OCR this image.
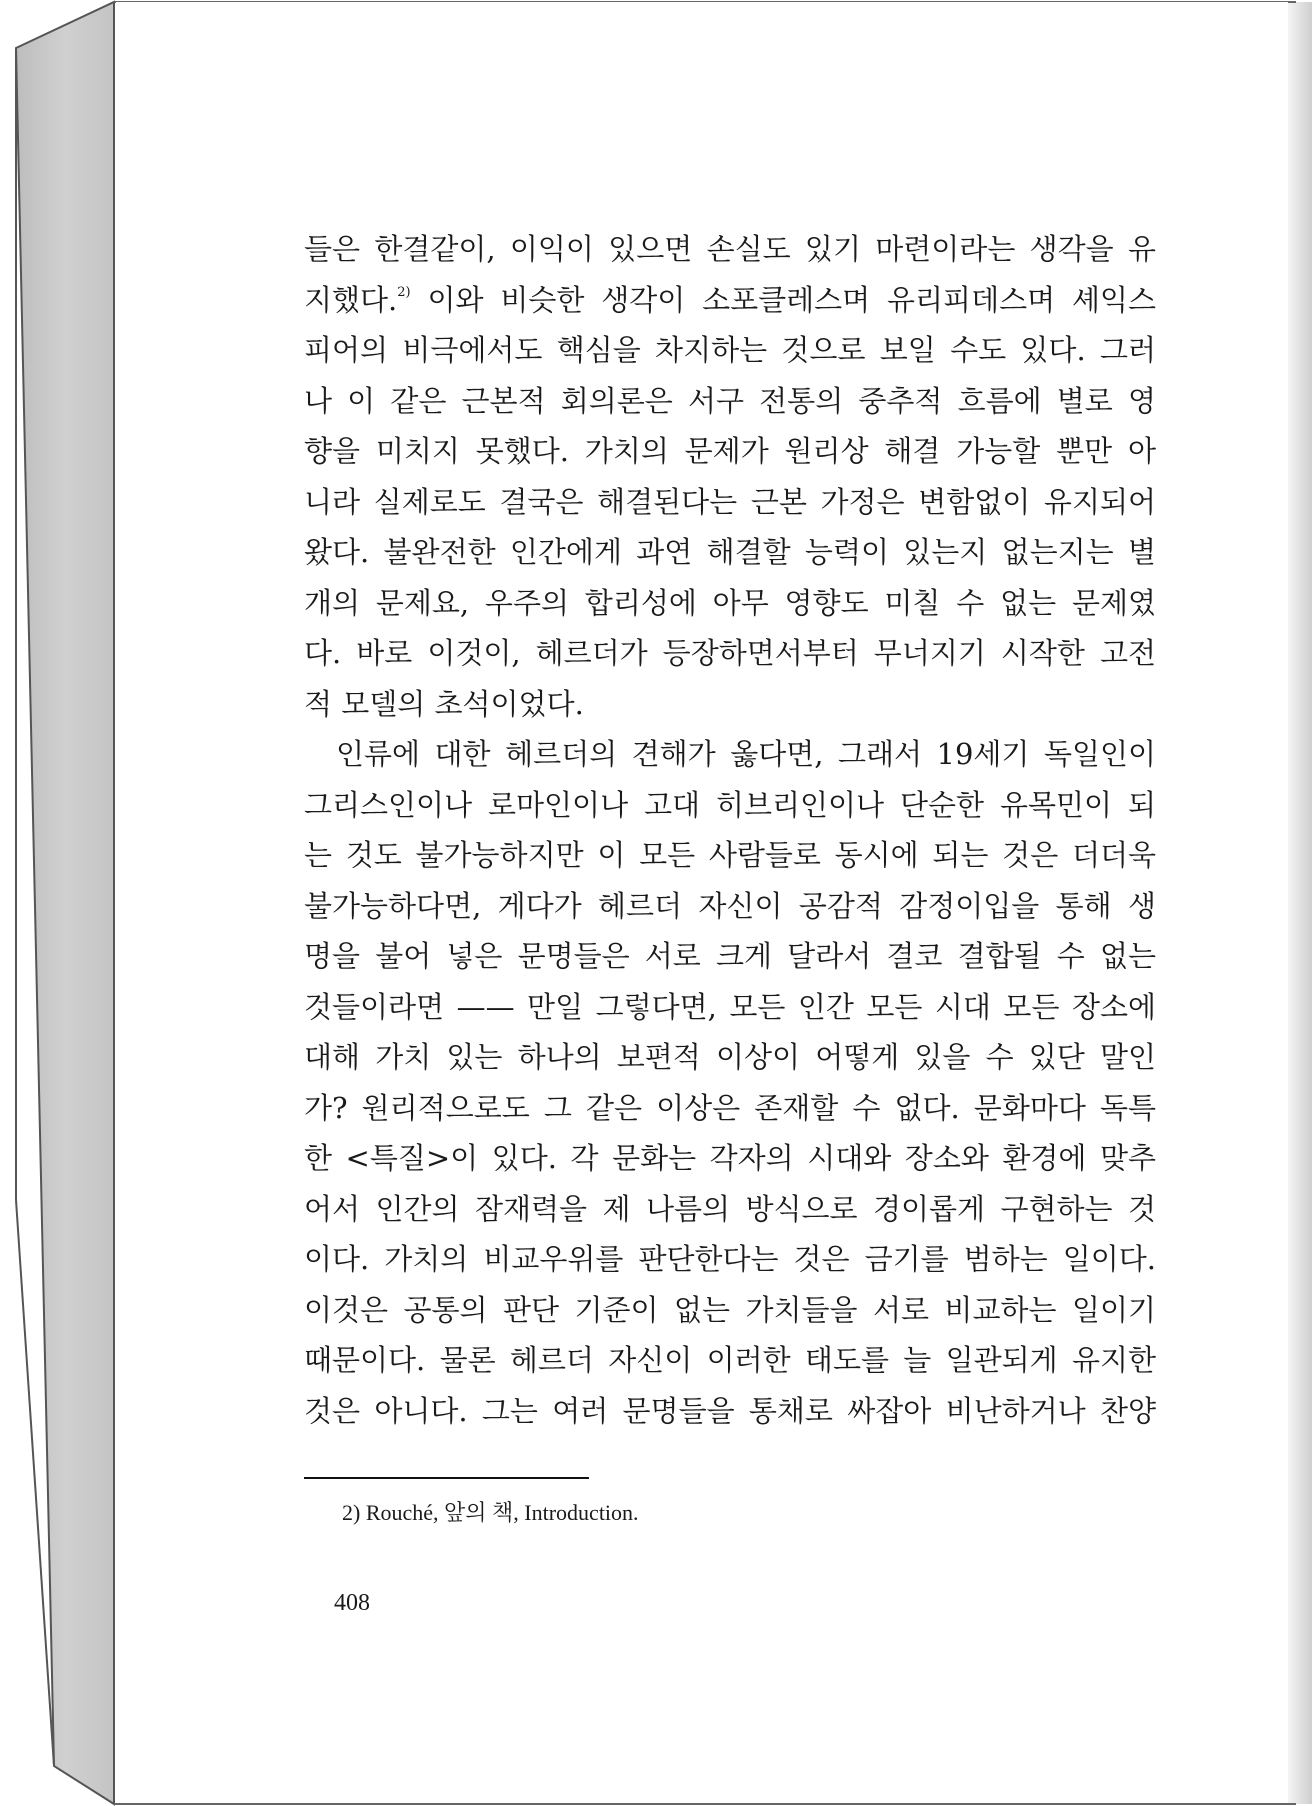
들은 한결같이, 이익이 있으면 손실도 있기 마련이라는 생각을 유
지했다.$^{2)}$ 이와 비슷한 생각이 소포클레스며 유리피데스며 셰익스
피어의 비극에서도 핵심을 차지하는 것으로 보일 수도 있다. 그러
나 이 같은 근본적 회의론은 서구 전통의 중추적 흐름에 별로 영
향을 미치지 못했다. 가치의 문제가 원리상 해결 가능할 뿐만 아
니라 실제로도 결국은 해결된다는 근본 가정은 변함없이 유지되어
왔다. 불완전한 인간에게 과연 해결할 능력이 있는지 없는지는 별
개의 문제요, 우주의 합리성에 아무 영향도 미칠 수 없는 문제였
다. 바로 이것이, 헤르더가 등장하면서부터 무너지기 시작한 고전
적 모델의 초석이었다.
인류에 대한 헤르더의 견해가 옳다면, 그래서 19세기 독일인이
그리스인이나 로마인이나 고대 히브리인이나 단순한 유목민이 되
는 것도 불가능하지만 이 모든 사람들로 동시에 되는 것은 더더욱
불가능하다면, 게다가 헤르더 자신이 공감적 감정이입을 통해 생
명을 불어 넣은 문명들은 서로 크게 달라서 결코 결합될 수 없는
것들이라면 —— 만일 그렇다면, 모든 인간 모든 시대 모든 장소에
대해 가치 있는 하나의 보편적 이상이 어떻게 있을 수 있단 말인
가? 원리적으로도 그 같은 이상은 존재할 수 없다. 문화마다 독특
한 <특질>이 있다. 각 문화는 각자의 시대와 장소와 환경에 맞추
어서 인간의 잠재력을 제 나름의 방식으로 경이롭게 구현하는 것
이다. 가치의 비교우위를 판단한다는 것은 금기를 범하는 일이다.
이것은 공통의 판단 기준이 없는 가치들을 서로 비교하는 일이기
때문이다. 물론 헤르더 자신이 이러한 태도를 늘 일관되게 유지한
것은 아니다. 그는 여러 문명들을 통채로 싸잡아 비난하거나 찬양
2) Rouché, 앞의 책, Introduction.
408
